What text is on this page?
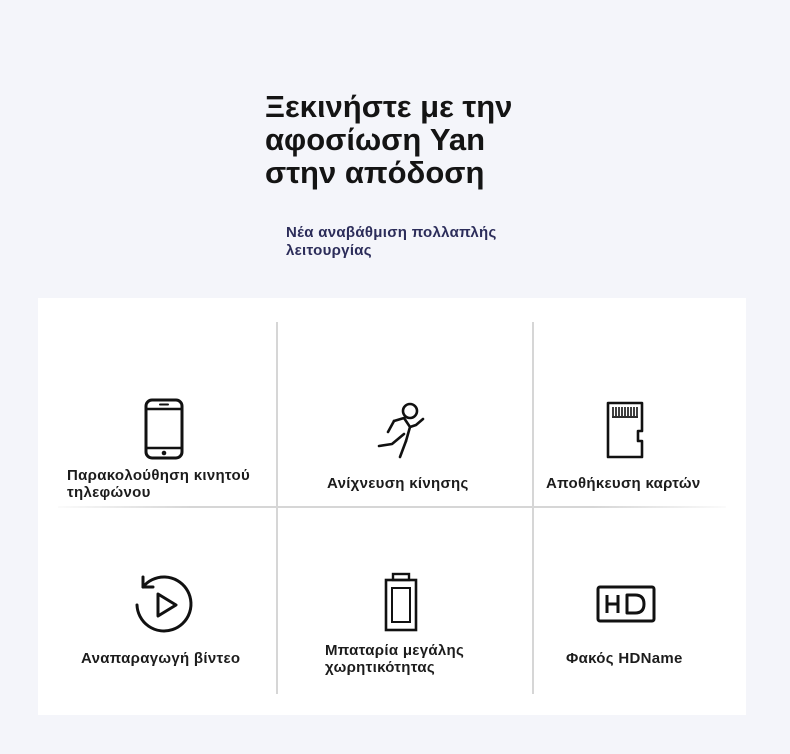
Ξεκινήστε με την
αφοσίωση Yan
στην απόδοση
Νέα αναβάθμιση πολλαπλής
λειτουργίας
Παρακολούθηση κινητού
τηλεφώνου
Ανίχνευση κίνησης	Αποθήκευση καρτών
Αναπαραγωγή βίντεο	Μπαταρία μεγάλης
χωρητικότητας
Φακός HDName
